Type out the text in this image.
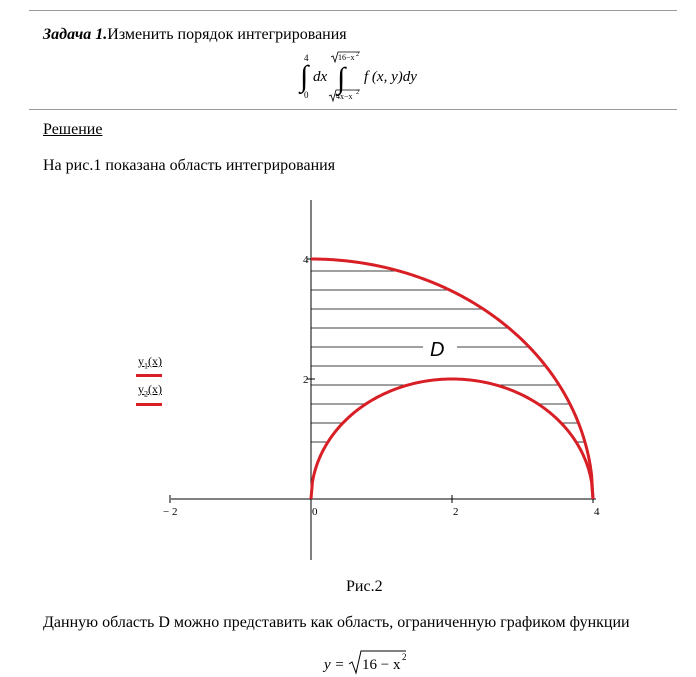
Задача 1.Изменить порядок интегрирования
4
∫
0
dx
16−x 2
∫
4x−x 2
f (x, y)dy
Решение
На рис.1 показана область интегрирования
− 2	0	2	4
2
4
D
$y_1(x)$
$y_2(x)$
Рис.2
Данную область D можно представить как область, ограниченную графиком функции
y = 16 − x 2
